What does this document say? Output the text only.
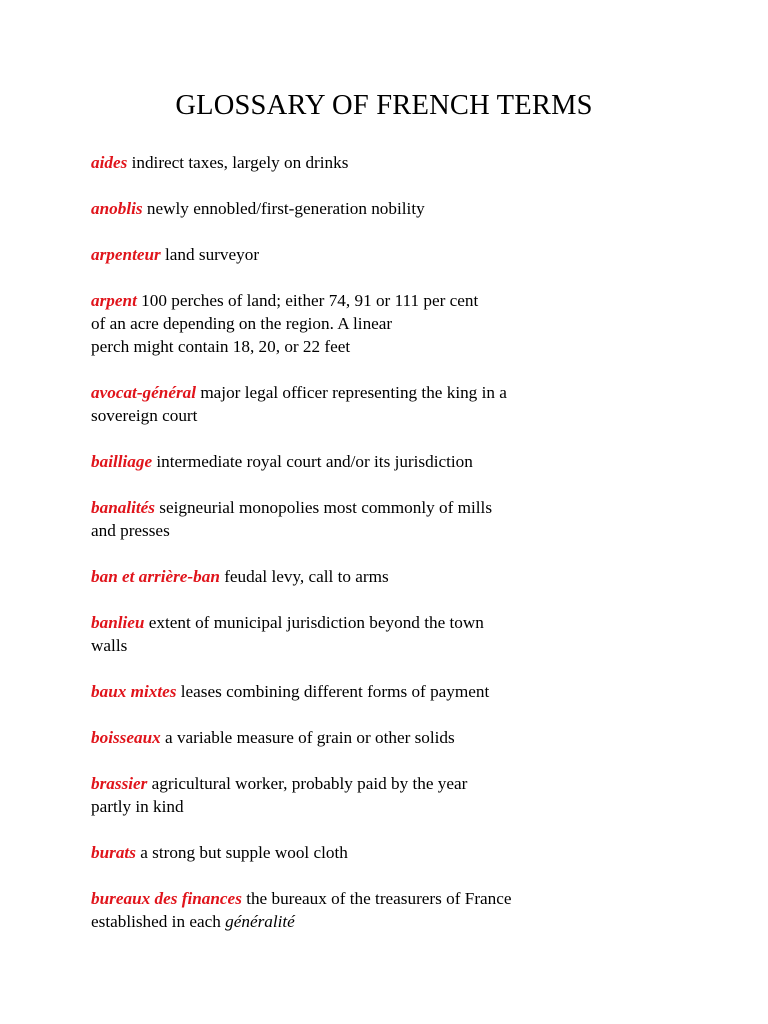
GLOSSARY OF FRENCH TERMS
aides indirect taxes, largely on drinks
anoblis newly ennobled/first-generation nobility
arpenteur land surveyor
arpent 100 perches of land; either 74, 91 or 111 per cent
of an acre depending on the region. A linear
perch might contain 18, 20, or 22 feet
avocat-général major legal officer representing the king in a
sovereign court
bailliage intermediate royal court and/or its jurisdiction
banalités seigneurial monopolies most commonly of mills
and presses
ban et arrière-ban feudal levy, call to arms
banlieu extent of municipal jurisdiction beyond the town
walls
baux mixtes leases combining different forms of payment
boisseaux a variable measure of grain or other solids
brassier agricultural worker, probably paid by the year
partly in kind
burats a strong but supple wool cloth
bureaux des finances the bureaux of the treasurers of France
established in each généralité
